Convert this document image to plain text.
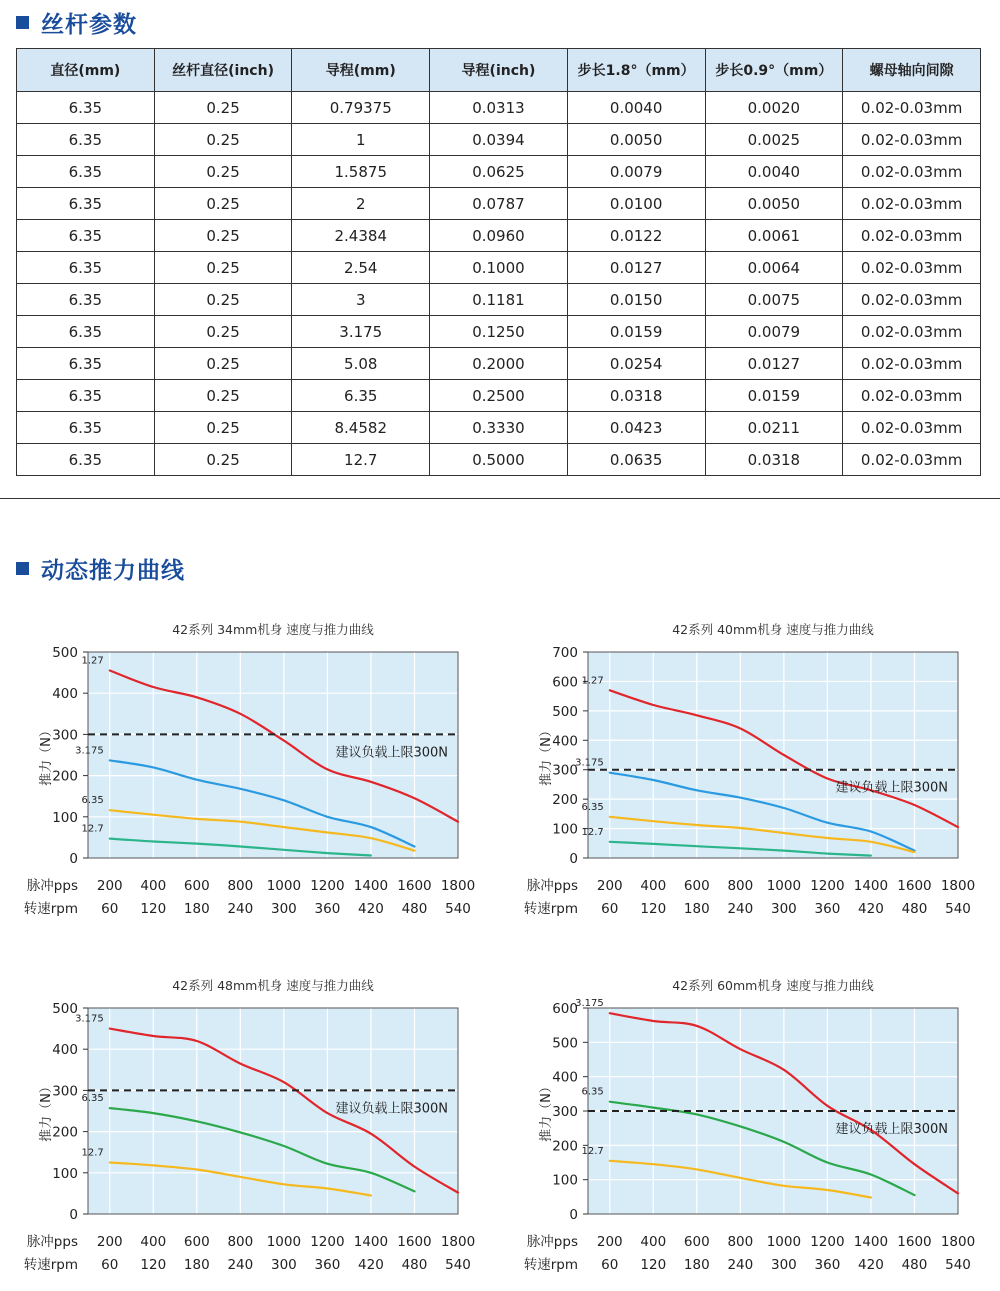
丝杆参数
直径(mm)	丝杆直径(inch)	导程(mm)	导程(inch)	步长1.8°（mm）	步长0.9°（mm）	螺母轴向间隙
6.35	0.25	0.79375	0.0313	0.0040	0.0020	0.02-0.03mm
6.35	0.25	1	0.0394	0.0050	0.0025	0.02-0.03mm
6.35	0.25	1.5875	0.0625	0.0079	0.0040	0.02-0.03mm
6.35	0.25	2	0.0787	0.0100	0.0050	0.02-0.03mm
6.35	0.25	2.4384	0.0960	0.0122	0.0061	0.02-0.03mm
6.35	0.25	2.54	0.1000	0.0127	0.0064	0.02-0.03mm
6.35	0.25	3	0.1181	0.0150	0.0075	0.02-0.03mm
6.35	0.25	3.175	0.1250	0.0159	0.0079	0.02-0.03mm
6.35	0.25	5.08	0.2000	0.0254	0.0127	0.02-0.03mm
6.35	0.25	6.35	0.2500	0.0318	0.0159	0.02-0.03mm
6.35	0.25	8.4582	0.3330	0.0423	0.0211	0.02-0.03mm
6.35	0.25	12.7	0.5000	0.0635	0.0318	0.02-0.03mm
动态推力曲线
42系列 34mm机身 速度与推力曲线
0
100
200
300
400
500
推力（N）
脉冲pps
转速rpm
200 400 600 800 1000 1200 1400 1600 1800
60 120 180 240 300 360 420 480 540
1.27
3.175
6.35
12.7
建议负载上限300N
42系列 40mm机身 速度与推力曲线
0
100
200
300
400
500
600
700
推力（N）
脉冲pps
转速rpm
200 400 600 800 1000 1200 1400 1600 1800
60 120 180 240 300 360 420 480 540
1.27
3.175
6.35
12.7
建议负载上限300N
42系列 48mm机身 速度与推力曲线
0
100
200
300
400
500
推力（N）
脉冲pps
转速rpm
200 400 600 800 1000 1200 1400 1600 1800
60 120 180 240 300 360 420 480 540
3.175
6.35
12.7
建议负载上限300N
42系列 60mm机身 速度与推力曲线
0
100
200
300
400
500
600
推力（N）
脉冲pps
转速rpm
200 400 600 800 1000 1200 1400 1600 1800
60 120 180 240 300 360 420 480 540
3.175
6.35
12.7
建议负载上限300N
